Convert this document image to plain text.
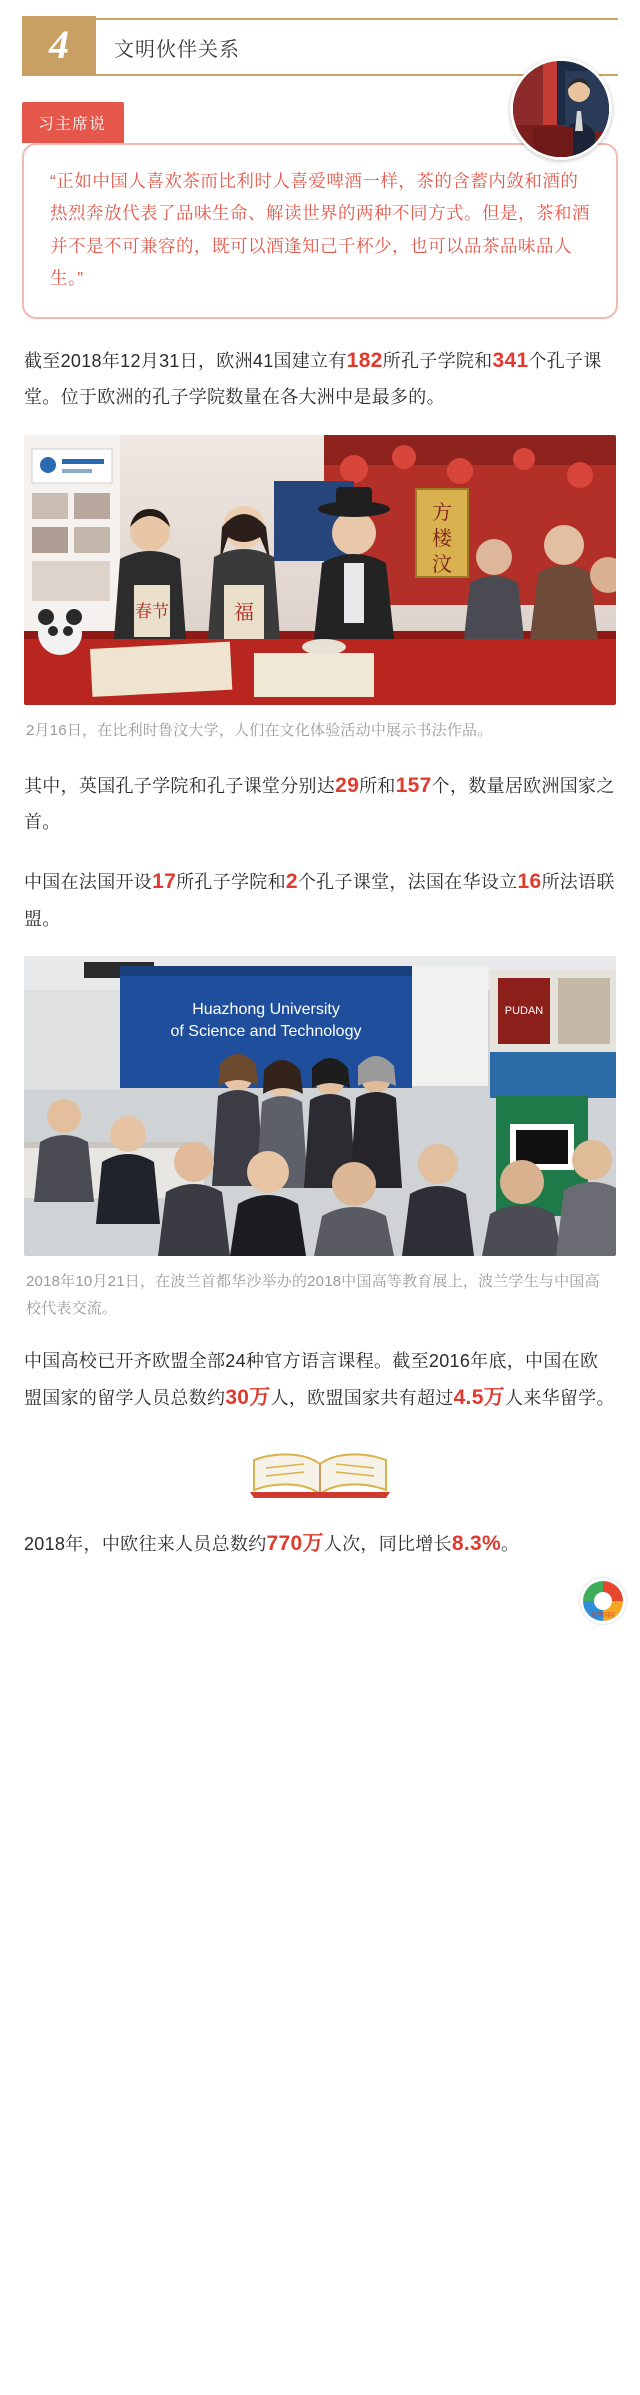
4 文明伙伴关系
习主席说
“正如中国人喜欢茶而比利时人喜爱啤酒一样，茶的含蓄内敛和酒的热烈奔放代表了品味生命、解读世界的两种不同方式。但是，茶和酒并不是不可兼容的，既可以酒逢知己千杯少，也可以品茶品味品人生。”
截至2018年12月31日，欧洲41国建立有182所孔子学院和341个孔子课堂。位于欧洲的孔子学院数量在各大洲中是最多的。
方
楼
汶
春节	福
2月16日，在比利时鲁汶大学，人们在文化体验活动中展示书法作品。
其中，英国孔子学院和孔子课堂分别达29所和157个，数量居欧洲国家之首。
中国在法国开设17所孔子学院和2个孔子课堂，法国在华设立16所法语联盟。
Huazhong University
of Science and Technology
PUDAN
2018年10月21日，在波兰首都华沙举办的2018中国高等教育展上，波兰学生与中国高校代表交流。
中国高校已开齐欧盟全部24种官方语言课程。截至2016年底，中国在欧盟国家的留学人员总数约30万人，欧盟国家共有超过4.5万人来华留学。
2018年，中欧往来人员总数约770万人次，同比增长8.3%。
新华国际
